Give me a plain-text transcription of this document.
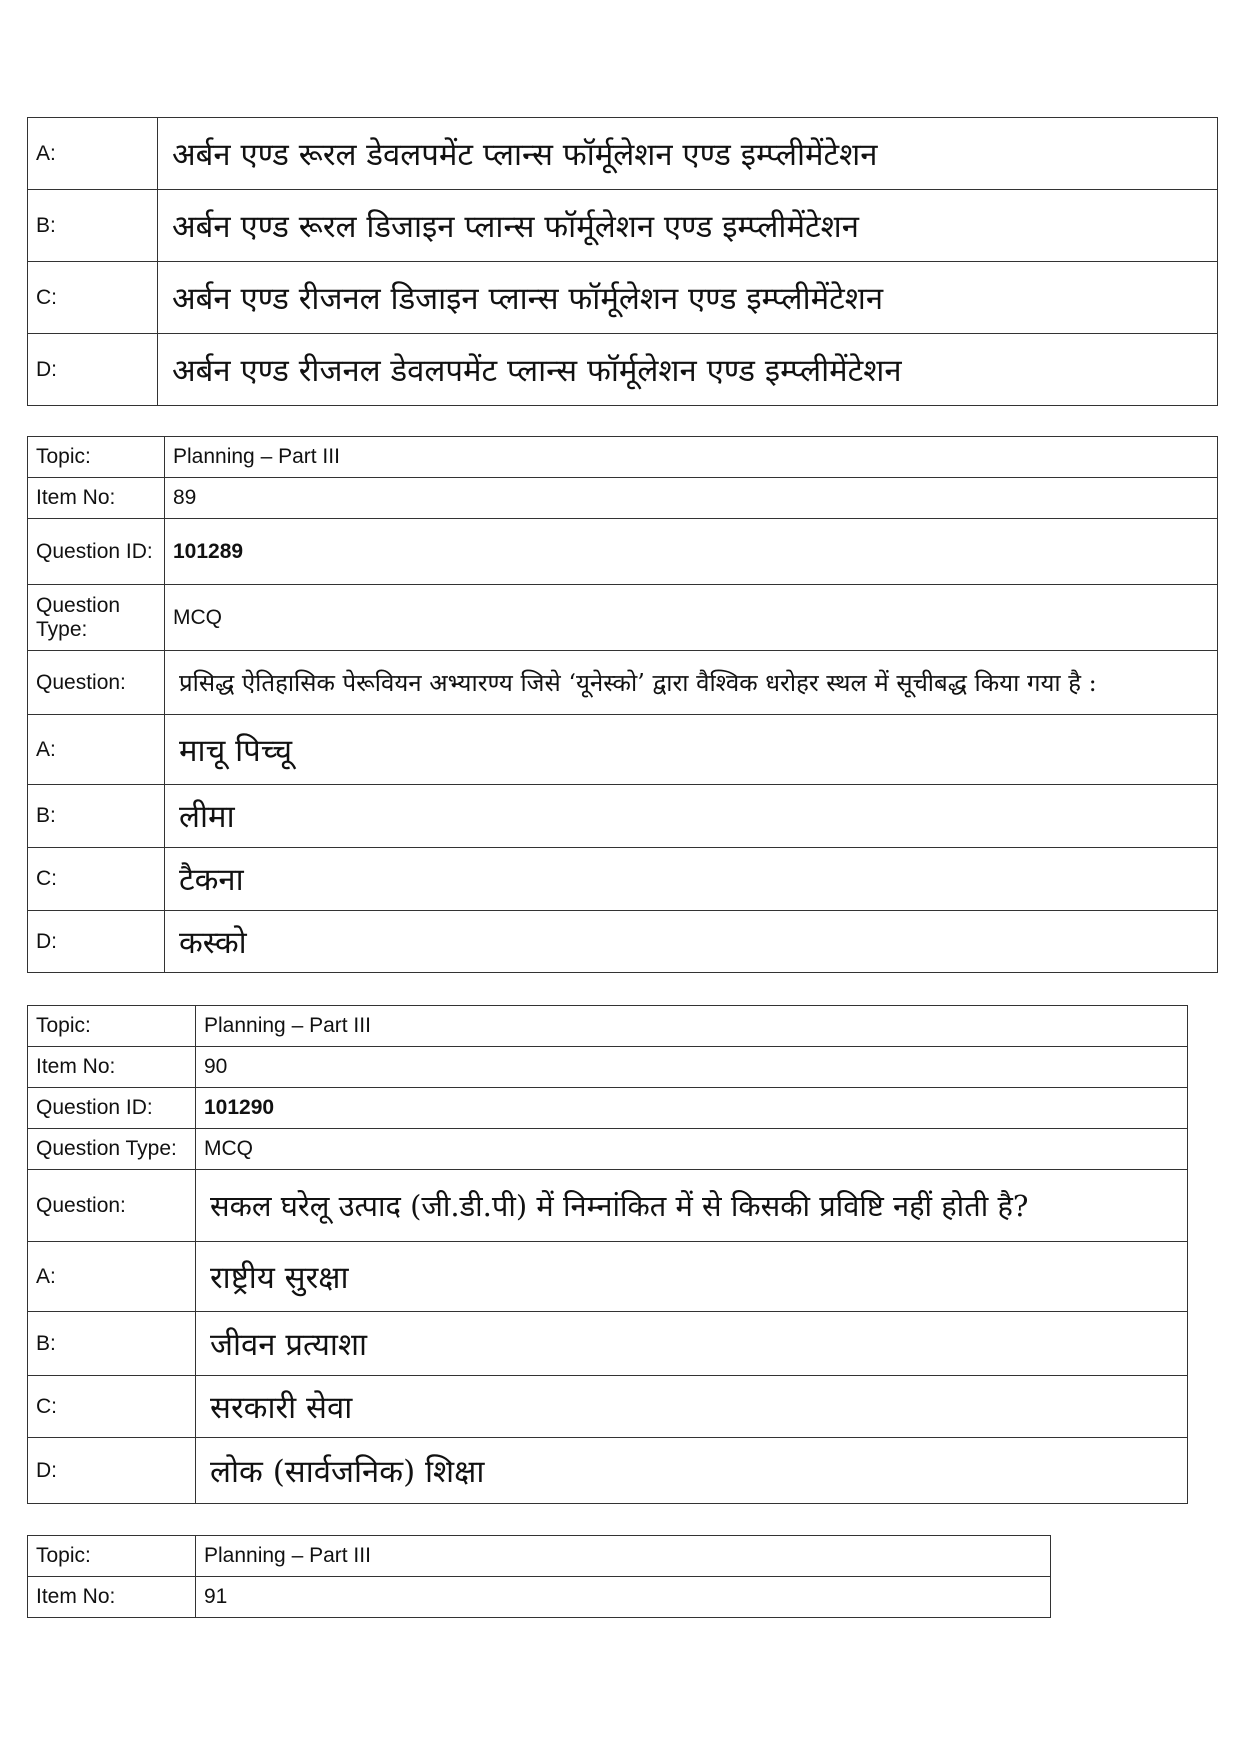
A:	अर्बन एण्ड रूरल डेवलपमेंट प्लान्स फॉर्मूलेशन एण्ड इम्प्लीमेंटेशन
B:	अर्बन एण्ड रूरल डिजाइन प्लान्स फॉर्मूलेशन एण्ड इम्प्लीमेंटेशन
C:	अर्बन एण्ड रीजनल डिजाइन प्लान्स फॉर्मूलेशन एण्ड इम्प्लीमेंटेशन
D:	अर्बन एण्ड रीजनल डेवलपमेंट प्लान्स फॉर्मूलेशन एण्ड इम्प्लीमेंटेशन
Topic:	Planning – Part III
Item No:	89
Question ID:	101289
Question Type:	MCQ
Question:	प्रसिद्ध ऐतिहासिक पेरूवियन अभ्यारण्य जिसे ‘यूनेस्को’ द्वारा वैश्विक धरोहर स्थल में सूचीबद्ध किया गया है :
A:	माचू पिच्चू
B:	लीमा
C:	टैकना
D:	कस्को
Topic:	Planning – Part III
Item No:	90
Question ID:	101290
Question Type:	MCQ
Question:	सकल घरेलू उत्पाद (जी.डी.पी) में निम्नांकित में से किसकी प्रविष्टि नहीं होती है?
A:	राष्ट्रीय सुरक्षा
B:	जीवन प्रत्याशा
C:	सरकारी सेवा
D:	लोक (सार्वजनिक) शिक्षा
Topic:	Planning – Part III
Item No:	91
